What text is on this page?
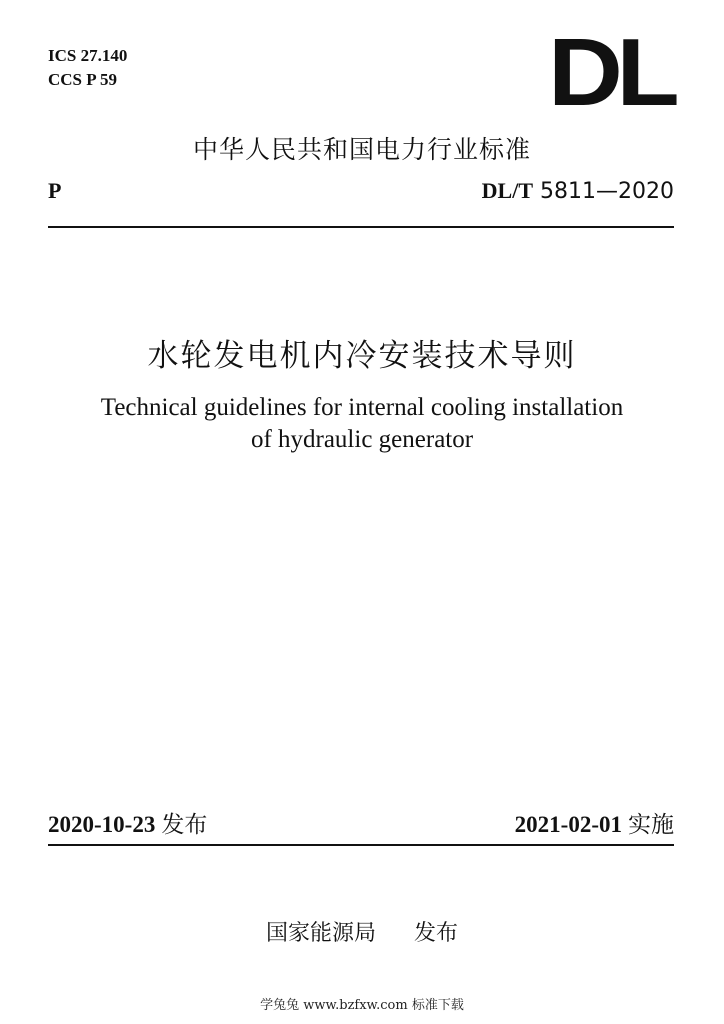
ICS 27.140
CCS P 59	DL
中华人民共和国电力行业标准
P	DL/T 5811—2020
水轮发电机内冷安装技术导则
Technical guidelines for internal cooling installation
of hydraulic generator
2020-10-23 发布	2021-02-01 实施
国家能源局 发布
学兔兔 www.bzfxw.com 标准下载
